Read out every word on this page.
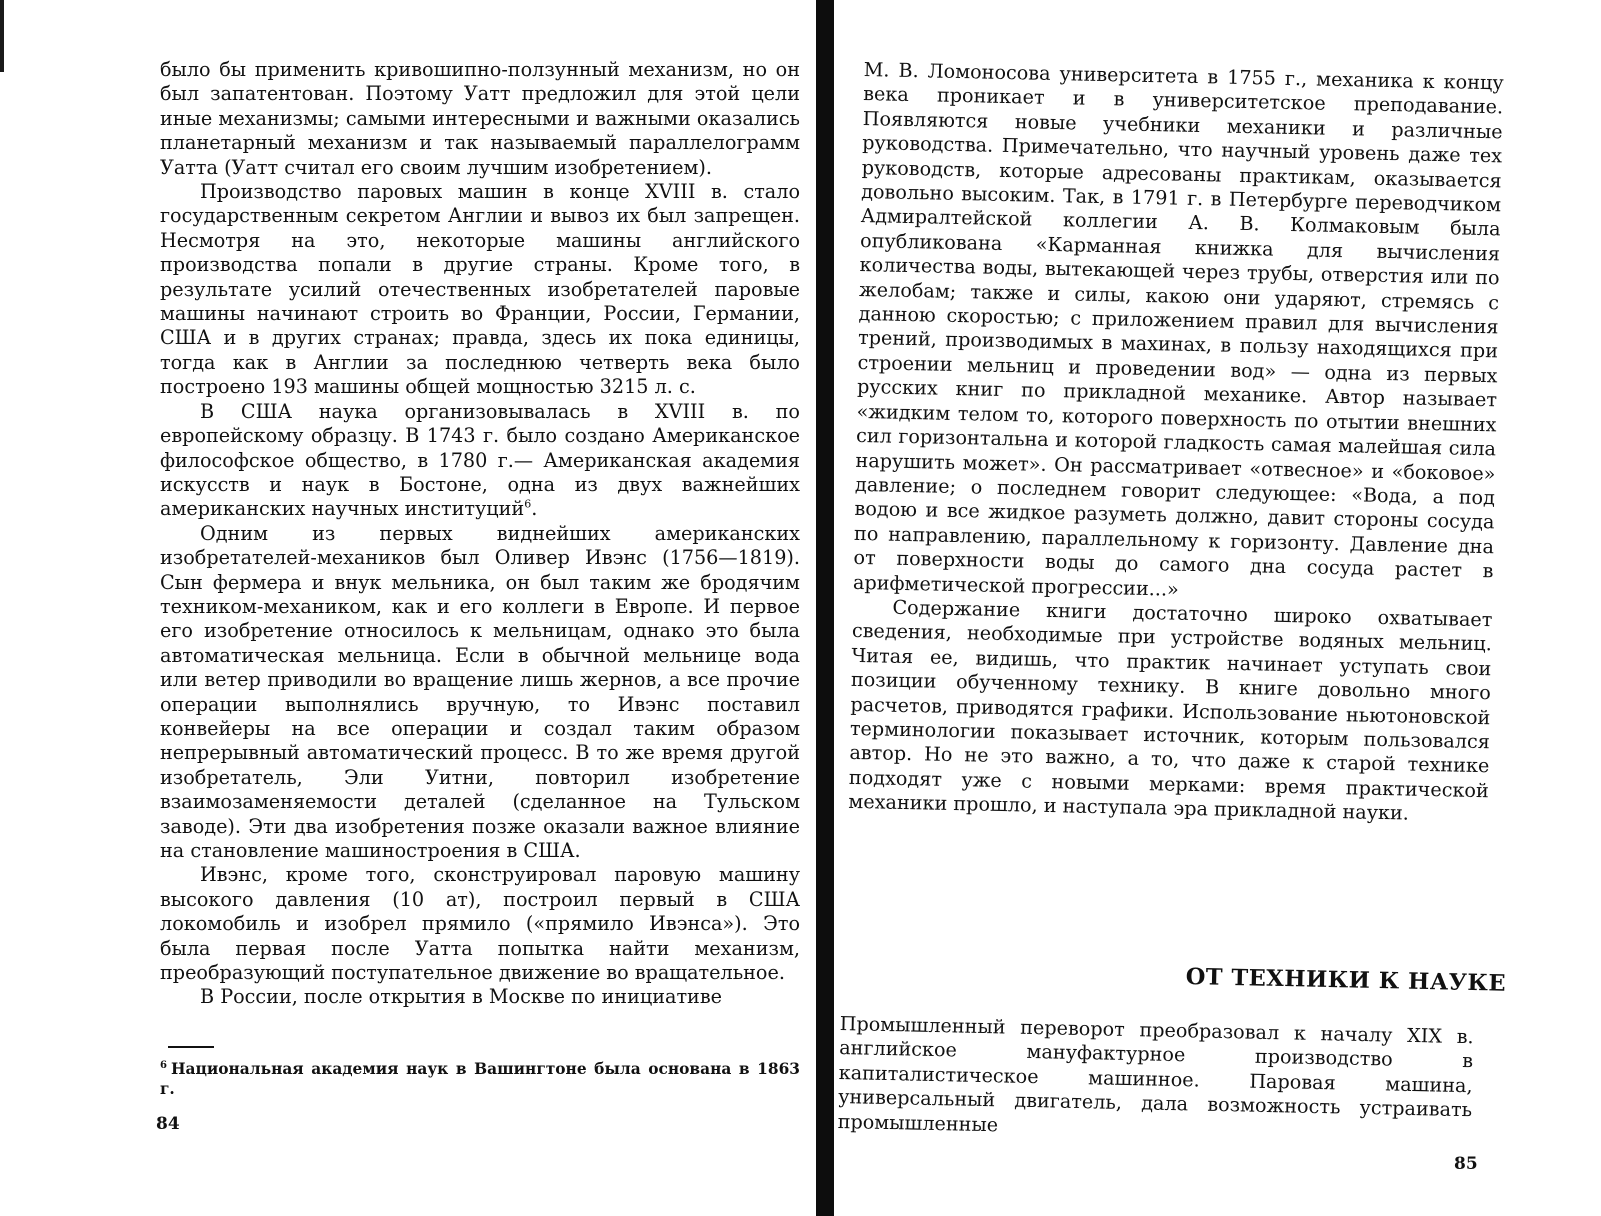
было бы применить кривошипно-ползунный механизм, но он был запатентован. Поэтому Уатт предложил для этой цели иные механизмы; самыми интересными и важными оказались планетарный механизм и так называемый параллелограмм Уатта (Уатт считал его своим лучшим изобретением).

Производство паровых машин в конце XVIII в. стало государственным секретом Англии и вывоз их был запрещен. Несмотря на это, некоторые машины английского производства попали в другие страны. Кроме того, в результате усилий отечественных изобретателей паровые машины начинают строить во Франции, России, Германии, США и в других странах; правда, здесь их пока единицы, тогда как в Англии за последнюю четверть века было построено 193 машины общей мощностью 3215 л. с.

В США наука организовывалась в XVIII в. по европейскому образцу. В 1743 г. было создано Американское философское общество, в 1780 г.— Американская академия искусств и наук в Бостоне, одна из двух важнейших американских научных институций$^6$.

Одним из первых виднейших американских изобретателей-механиков был Оливер Ивэнс (1756—1819). Сын фермера и внук мельника, он был таким же бродячим техником-механиком, как и его коллеги в Европе. И первое его изобретение относилось к мельницам, однако это была автоматическая мельница. Если в обычной мельнице вода или ветер приводили во вращение лишь жернов, а все прочие операции выполнялись вручную, то Ивэнс поставил конвейеры на все операции и создал таким образом непрерывный автоматический процесс. В то же время другой изобретатель, Эли Уитни, повторил изобретение взаимозаменяемости деталей (сделанное на Тульском заводе). Эти два изобретения позже оказали важное влияние на становление машиностроения в США.

Ивэнс, кроме того, сконструировал паровую машину высокого давления (10 ат), построил первый в США локомобиль и изобрел прямило («прямило Ивэнса»). Это была первая после Уатта попытка найти механизм, преобразующий поступательное движение во вращательное.

В России, после открытия в Москве по инициативе

$^6$ Национальная академия наук в Вашингтоне была основана в 1863 г.
84

М. В. Ломоносова университета в 1755 г., механика к концу века проникает и в университетское преподавание. Появляются новые учебники механики и различные руководства. Примечательно, что научный уровень даже тех руководств, которые адресованы практикам, оказывается довольно высоким. Так, в 1791 г. в Петербурге переводчиком Адмиралтейской коллегии А. В. Колмаковым была опубликована «Карманная книжка для вычисления количества воды, вытекающей через трубы, отверстия или по желобам; также и силы, какою они ударяют, стремясь с данною скоростью; с приложением правил для вычисления трений, производимых в махинах, в пользу находящихся при строении мельниц и проведении вод» — одна из первых русских книг по прикладной механике. Автор называет «жидким телом то, которого поверхность по отытии внешних сил горизонтальна и которой гладкость самая малейшая сила нарушить может». Он рассматривает «отвесное» и «боковое» давление; о последнем говорит следующее: «Вода, а под водою и все жидкое разуметь должно, давит стороны сосуда по направлению, параллельному к горизонту. Давление дна от поверхности воды до самого дна сосуда растет в арифметической прогрессии...»

Содержание книги достаточно широко охватывает сведения, необходимые при устройстве водяных мельниц. Читая ее, видишь, что практик начинает уступать свои позиции обученному технику. В книге довольно много расчетов, приводятся графики. Использование ньютоновской терминологии показывает источник, которым пользовался автор. Но не это важно, а то, что даже к старой технике подходят уже с новыми мерками: время практической механики прошло, и наступала эра прикладной науки.

ОТ ТЕХНИКИ К НАУКЕ

Промышленный переворот преобразовал к началу XIX в. английское мануфактурное производство в капиталистическое машинное. Паровая машина, универсальный двигатель, дала возможность устраивать промышленные

85
